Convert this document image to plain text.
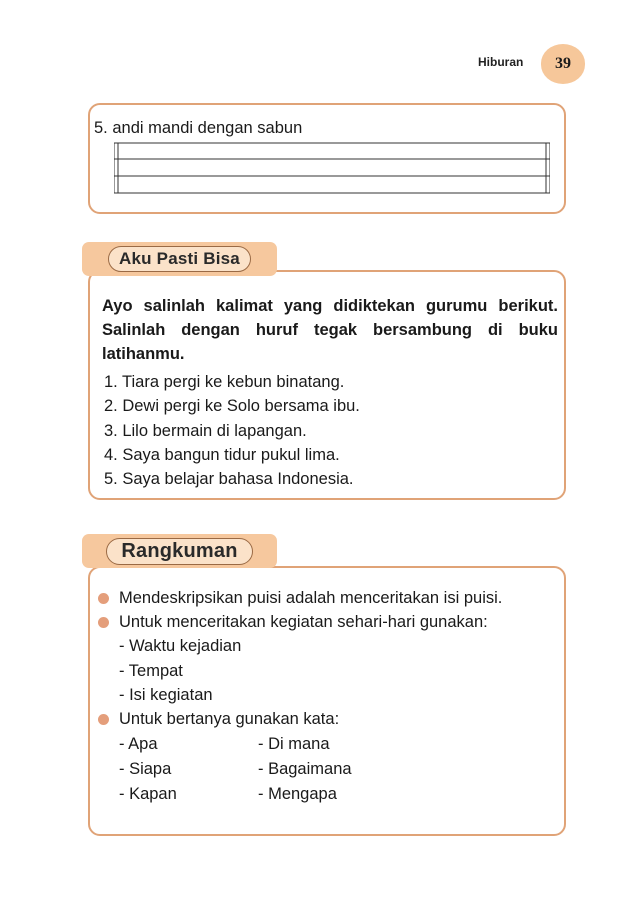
Hiburan	39
5. andi mandi dengan sabun
Aku Pasti Bisa
Ayo salinlah kalimat yang didiktekan gurumu berikut. Salinlah dengan huruf tegak bersambung di buku latihanmu.
1. Tiara pergi ke kebun binatang.
2. Dewi pergi ke Solo bersama ibu.
3. Lilo bermain di lapangan.
4. Saya bangun tidur pukul lima.
5. Saya belajar bahasa Indonesia.
Rangkuman
Mendeskripsikan puisi adalah menceritakan isi puisi.
Untuk menceritakan kegiatan sehari-hari gunakan:
- Waktu kejadian
- Tempat
- Isi kegiatan
Untuk bertanya gunakan kata:
- Apa
- Siapa
- Kapan
- Di mana
- Bagaimana
- Mengapa
